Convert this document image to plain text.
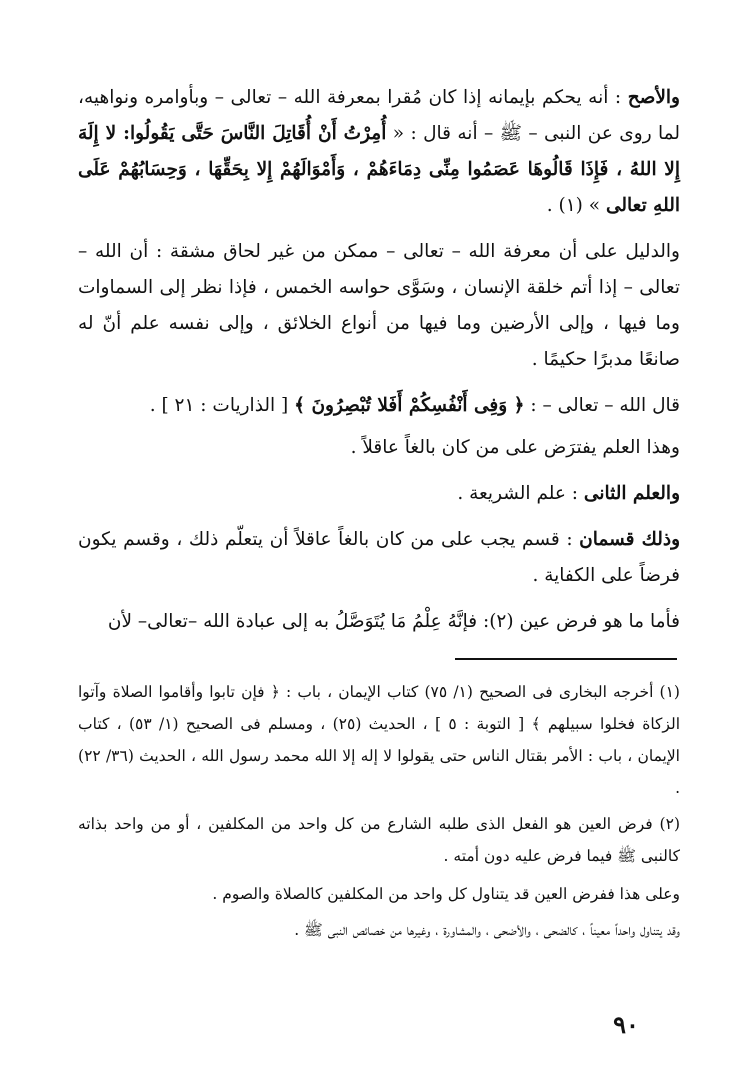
والأصح : أنه يحكم بإيمانه إذا كان مُقرا بمعرفة الله – تعالى – وبأوامره ونواهيه، لما روى عن النبى – ﷺ – أنه قال : « أُمِرْتُ أَنْ أُقَاتِلَ النَّاسَ حَتَّى يَقُولُوا: لا إِلَهَ إِلا اللهُ ، فَإِذَا قَالُوهَا عَصَمُوا مِنِّى دِمَاءَهُمْ ، وَأَمْوَالَهُمْ إِلا بِحَقِّهَا ، وَحِسَابُهُمْ عَلَى اللهِ تعالى » (١) .

والدليل على أن معرفة الله – تعالى – ممكن من غير لحاق مشقة : أن الله – تعالى – إذا أتم خلقة الإنسان ، وسَوَّى حواسه الخمس ، فإذا نظر إلى السماوات وما فيها ، وإلى الأرضين وما فيها من أنواع الخلائق ، وإلى نفسه علم أنّ له صانعًا مدبرًا حكيمًا .

قال الله – تعالى – : ﴿ وَفِى أَنْفُسِكُمْ أَفَلا تُبْصِرُونَ ﴾ [ الذاريات : ٢١ ] .

وهذا العلم يفترَض على من كان بالغاً عاقلاً .

والعلم الثانى : علم الشريعة .

وذلك قسمان : قسم يجب على من كان بالغاً عاقلاً أن يتعلّم ذلك ، وقسم يكون فرضاً على الكفاية .

فأما ما هو فرض عين (٢): فإنَّهُ عِلْمُ مَا يُتَوَصَّلُ به إلى عبادة الله –تعالى– لأن

(١) أخرجه البخارى فى الصحيح (١/ ٧٥) كتاب الإيمان ، باب : ﴿ فإن تابوا وأقاموا الصلاة وآتوا الزكاة فخلوا سبيلهم ﴾ [ التوبة : ٥ ] ، الحديث (٢٥) ، ومسلم فى الصحيح (١/ ٥٣) ، كتاب الإيمان ، باب : الأمر بقتال الناس حتى يقولوا لا إله إلا الله محمد رسول الله ، الحديث (٣٦/ ٢٢) .

(٢) فرض العين هو الفعل الذى طلبه الشارع من كل واحد من المكلفين ، أو من واحد بذاته كالنبى ﷺ فيما فرض عليه دون أمته .

وعلى هذا ففرض العين قد يتناول كل واحد من المكلفين كالصلاة والصوم .

وقد يتناول واحداً معيناً ، كالضحى ، والأضحى ، والمشاورة ، وغيرها من خصائص النبى ﷺ .

٩٠
